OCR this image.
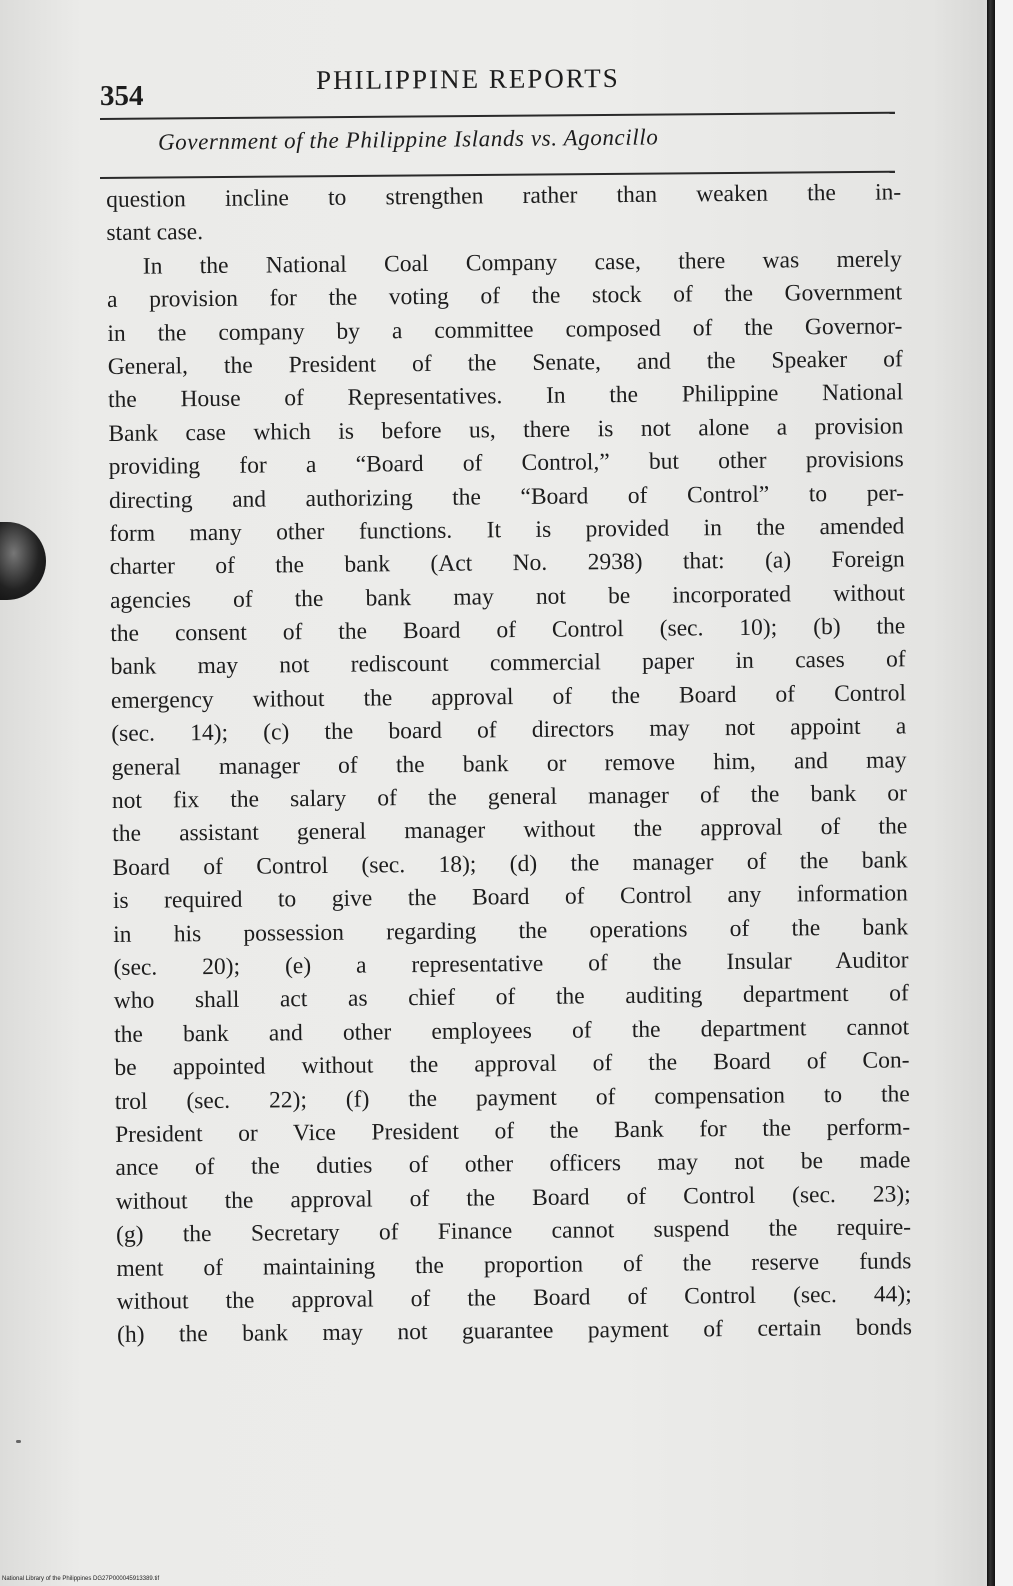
354
PHILIPPINE REPORTS
Government of the Philippine Islands vs. Agoncillo
question incline to strengthen rather than weaken the in-
stant case.
In the National Coal Company case, there was merely
a provision for the voting of the stock of the Government
in the company by a committee composed of the Governor-
General, the President of the Senate, and the Speaker of
the House of Representatives. In the Philippine National
Bank case which is before us, there is not alone a provision
providing for a “Board of Control,” but other provisions
directing and authorizing the “Board of Control” to per-
form many other functions. It is provided in the amended
charter of the bank (Act No. 2938) that: (a) Foreign
agencies of the bank may not be incorporated without
the consent of the Board of Control (sec. 10); (b) the
bank may not rediscount commercial paper in cases of
emergency without the approval of the Board of Control
(sec. 14); (c) the board of directors may not appoint a
general manager of the bank or remove him, and may
not fix the salary of the general manager of the bank or
the assistant general manager without the approval of the
Board of Control (sec. 18); (d) the manager of the bank
is required to give the Board of Control any information
in his possession regarding the operations of the bank
(sec. 20); (e) a representative of the Insular Auditor
who shall act as chief of the auditing department of
the bank and other employees of the department cannot
be appointed without the approval of the Board of Con-
trol (sec. 22); (f) the payment of compensation to the
President or Vice President of the Bank for the perform-
ance of the duties of other officers may not be made
without the approval of the Board of Control (sec. 23);
(g) the Secretary of Finance cannot suspend the require-
ment of maintaining the proportion of the reserve funds
without the approval of the Board of Control (sec. 44);
(h) the bank may not guarantee payment of certain bonds
National Library of the Philippines DG27P000045913389.tif
